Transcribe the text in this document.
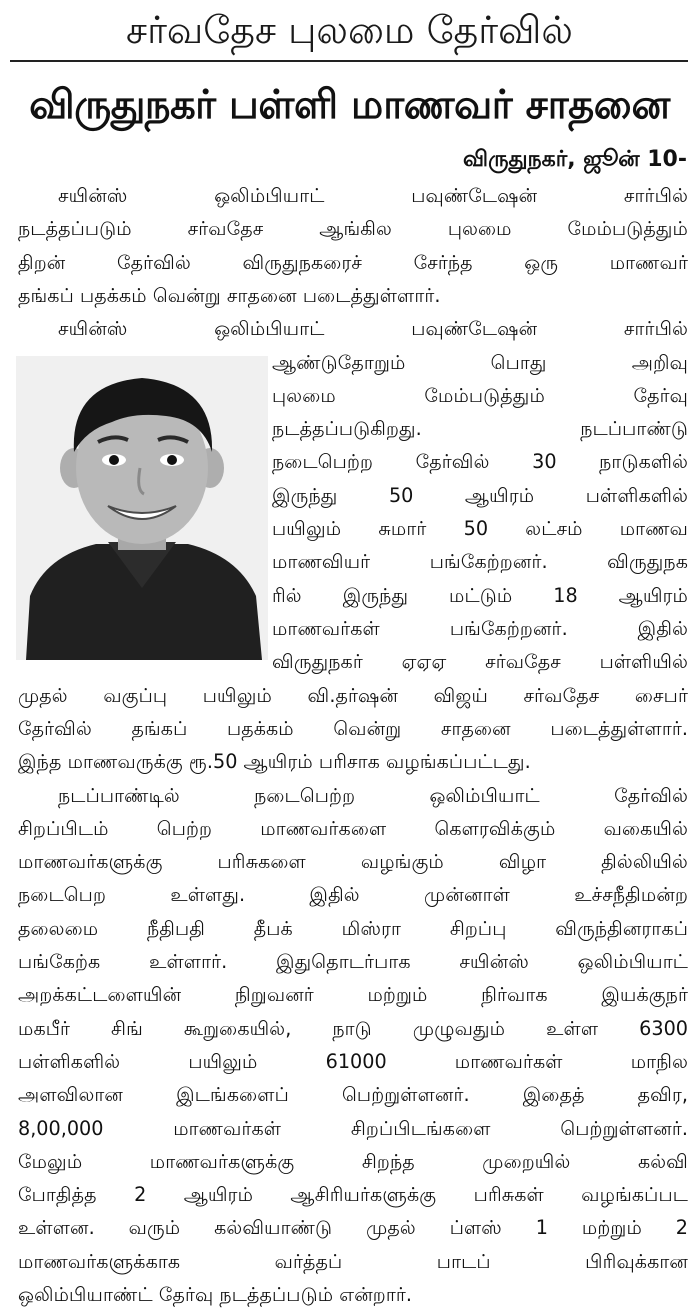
சர்வதேச புலமை தேர்வில்
விருதுநகர் பள்ளி மாணவர் சாதனை
விருதுநகர், ஜூன் 10-
சயின்ஸ் ஒலிம்பியாட் பவுண்டேஷன் சார்பில்
நடத்தப்படும் சர்வதேச ஆங்கில புலமை மேம்படுத்தும்
திறன் தேர்வில் விருதுநகரைச் சேர்ந்த ஒரு மாணவர்
தங்கப் பதக்கம் வென்று சாதனை படைத்துள்ளார்.
சயின்ஸ் ஒலிம்பியாட் பவுண்டேஷன் சார்பில்
ஆண்டுதோறும் பொது அறிவு
புலமை மேம்படுத்தும் தேர்வு
நடத்தப்படுகிறது. நடப்பாண்டு
நடைபெற்ற தேர்வில் 30 நாடுகளில்
இருந்து 50 ஆயிரம் பள்ளிகளில்
பயிலும் சுமார் 50 லட்சம் மாணவ
மாணவியர் பங்கேற்றனர். விருதுநக
ரில் இருந்து மட்டும் 18 ஆயிரம்
மாணவர்கள் பங்கேற்றனர். இதில்
விருதுநகர் ஏஏஏ சர்வதேச பள்ளியில்
முதல் வகுப்பு பயிலும் வி.தர்ஷன் விஜய் சர்வதேச சைபர்
தேர்வில் தங்கப் பதக்கம் வென்று சாதனை படைத்துள்ளார்.
இந்த மாணவருக்கு ரூ.50 ஆயிரம் பரிசாக வழங்கப்பட்டது.
நடப்பாண்டில் நடைபெற்ற ஒலிம்பியாட் தேர்வில்
சிறப்பிடம் பெற்ற மாணவர்களை கௌரவிக்கும் வகையில்
மாணவர்களுக்கு பரிசுகளை வழங்கும் விழா தில்லியில்
நடைபெற உள்ளது. இதில் முன்னாள் உச்சநீதிமன்ற
தலைமை நீதிபதி தீபக் மிஸ்ரா சிறப்பு விருந்தினராகப்
பங்கேற்க உள்ளார். இதுதொடர்பாக சயின்ஸ் ஒலிம்பியாட்
அறக்கட்டளையின் நிறுவனர் மற்றும் நிர்வாக இயக்குநர்
மகபீர் சிங் கூறுகையில், நாடு முழுவதும் உள்ள 6300
பள்ளிகளில் பயிலும் 61000 மாணவர்கள் மாநில
அளவிலான இடங்களைப் பெற்றுள்ளனர். இதைத் தவிர,
8,00,000 மாணவர்கள் சிறப்பிடங்களை பெற்றுள்ளனர்.
மேலும் மாணவர்களுக்கு சிறந்த முறையில் கல்வி
போதித்த 2 ஆயிரம் ஆசிரியர்களுக்கு பரிசுகள் வழங்கப்பட
உள்ளன. வரும் கல்வியாண்டு முதல் ப்ளஸ் 1 மற்றும் 2
மாணவர்களுக்காக வர்த்தப் பாடப் பிரிவுக்கான
ஒலிம்பியாண்ட் தேர்வு நடத்தப்படும் என்றார்.
